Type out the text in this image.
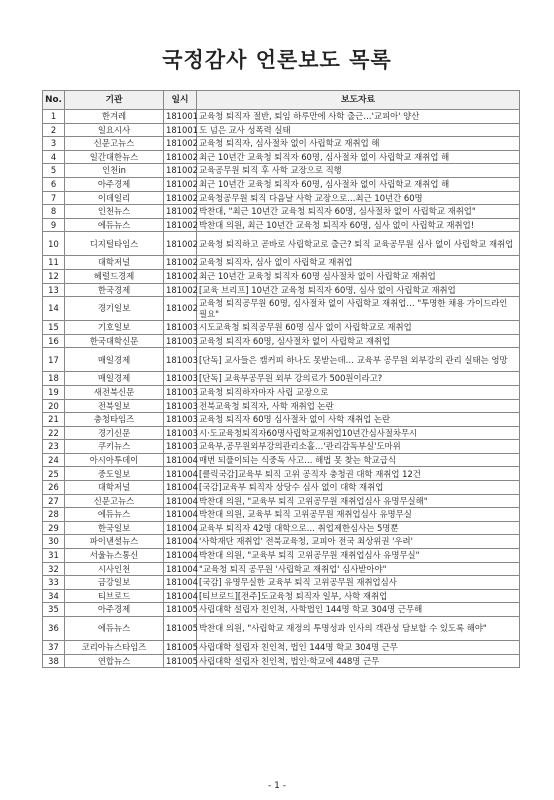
국정감사 언론보도 목록
No.	기관	일시	보도자료
1	한겨레	181001	교육청 퇴직자 절반, 퇴임 하루만에 사학 출근…'교피아' 양산
2	일요시사	181001	도 넘은 교사 성폭력 실태
3	신문고뉴스	181002	교육청 퇴직자, 심사절차 없이 사립학교 재취업 해
4	일간대한뉴스	181002	최근 10년간 교육청 퇴직자 60명, 심사절차 없이 사립학교 재취업 해
5	인천in	181002	교육공무원 퇴직 후 사학 교장으로 직행
6	아주경제	181002	최근 10년간 교육청 퇴직자 60명, 심사절차 없이 사립학교 재취업 해
7	이데일리	181002	교육청공무원 퇴직 다음날 사학 교장으로…최근 10년간 60명
8	인천뉴스	181002	박찬대, "최근 10년간 교육청 퇴직자 60명, 심사절차 없이 사립학교 재취업"
9	에듀뉴스	181002	박찬대 의원, 최근 10년간 교육청 퇴직자 60명, 심사 없이 사립학교 재취업!
10	디지털타임스	181002	교육청 퇴직하고 곧바로 사립학교로 출근? 퇴직 교육공무원 심사 없이 사립학교 재취업
11	대학저널	181002	교육청 퇴직자, 심사 없이 사립학교 재취업
12	헤럴드경제	181002	최근 10년간 교육청 퇴직자 60명 심사절차 없이 사립학교 재취업
13	한국경제	181002	[교육 브리프] 10년간 교육청 퇴직자 60명, 심사 없이 사립학교 재취업
14	경기일보	181002	교육청 퇴직공무원 60명, 심사절차 없이 사립학교 재취업… "투명한 채용 가이드라인 필요"
15	기호일보	181003	시도교육청 퇴직공무원 60명 심사 없이 사립학교로 재취업
16	한국대학신문	181003	교육청 퇴직자 60명, 심사절차 없이 사립학교 재취업
17	매일경제	181003	[단독] 교사들은 캠커피 하나도 못받는데… 교육부 공무원 외부강의 관리 실태는 엉망
18	매일경제	181003	[단독] 교육부공무원 외부 강의료가 500원이라고?
19	새전북신문	181003	교육청 퇴직하자마자 사립 교장으로
20	전북일보	181003	전북교육청 퇴직자, 사학 재취업 논란
21	충청타임즈	181003	교육청 퇴직자 60명 심사절차 없이 사학 재취업 논란
22	경기신문	181003	시·도교육청퇴직자60명사립학교재취업10년간심사절차무시
23	쿠키뉴스	181003	교육부,공무원외부강의관리소홀…'관리감독부실'도마위
24	아시아투데이	181004	매번 되풀이되는 식중독 사고… 해법 못 찾는 학교급식
25	중도일보	181004	[클릭국감]교육부 퇴직 고위 공직자 충청권 대학 재취업 12건
26	대학저널	181004	[국감]교육부 퇴직자 상당수 심사 없이 대학 재취업
27	신문고뉴스	181004	박찬대 의원, "교육부 퇴직 고위공무원 재취업심사 유명무실해"
28	에듀뉴스	181004	박찬대 의원, 교육부 퇴직 고위공무원 재취업심사 유명무실
29	한국일보	181004	교육부 퇴직자 42명 대학으로… 취업제한심사는 5명뿐
30	파이낸셜뉴스	181004	'사학재단 재취업' 전북교육청, 교피아 전국 최상위권 '우려'
31	서울뉴스통신	181004	박찬대 의원, "교육부 퇴직 고위공무원 재취업심사 유명무실"
32	시사인천	181004	"교육청 퇴직 공무원 '사립학교 재취업' 심사받아야"
33	금강일보	181004	[국감] 유명무실한 교육부 퇴직 고위공무원 재취업심사
34	티브로드	181004	[티브로드][전주]도교육청 퇴직자 일부, 사학 재취업
35	아주경제	181005	사립대학 설립자 친인척, 사학법인 144명 학교 304명 근무해
36	에듀뉴스	181005	박찬대 의원, "사립학교 재정의 투명성과 인사의 객관성 담보할 수 있도록 해야"
37	코리아뉴스타임즈	181005	사립대학 설립자 친인척, 법인 144명 학교 304명 근무
38	연합뉴스	181005	사립대학 설립자 친인척, 법인·학교에 448명 근무
- 1 -
